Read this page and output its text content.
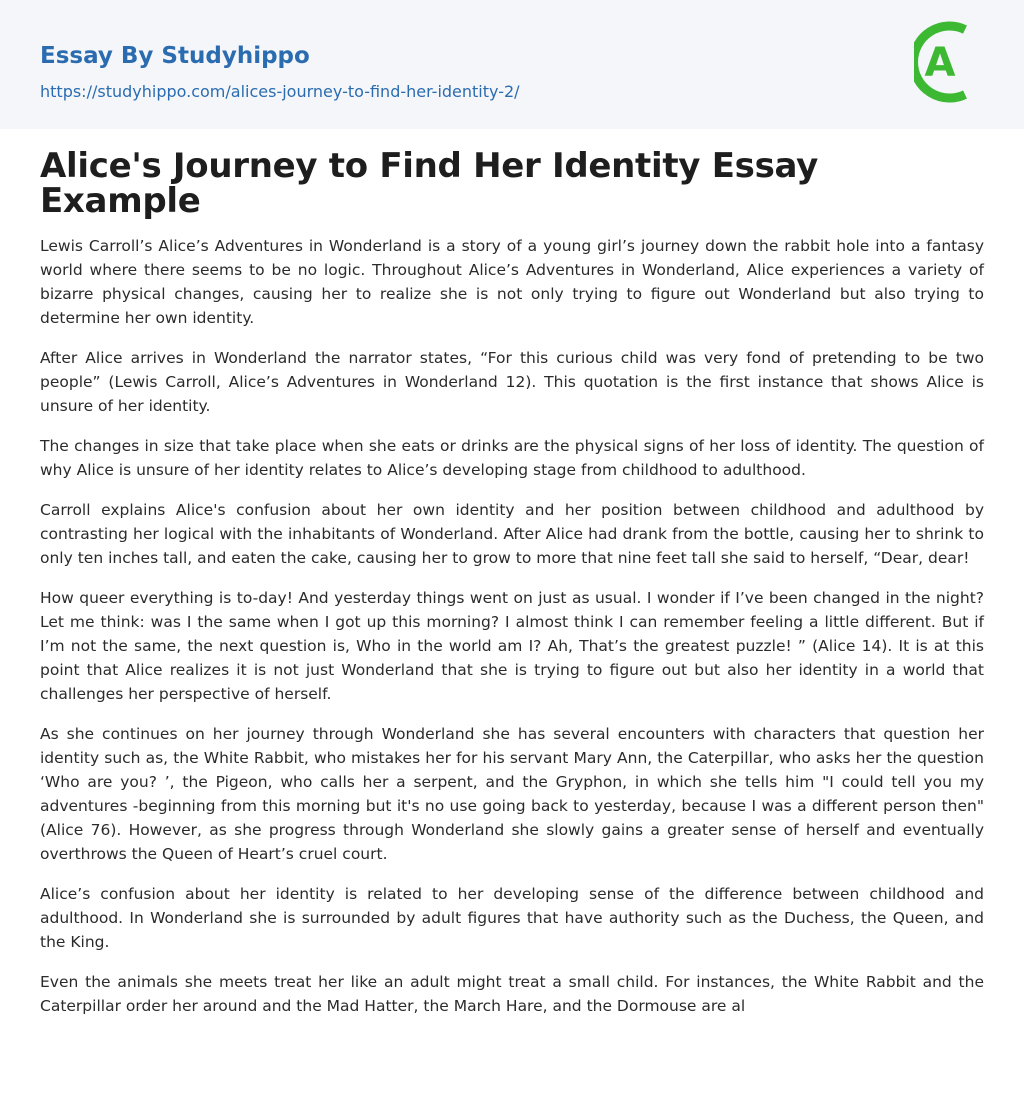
Essay By Studyhippo
https://studyhippo.com/alices-journey-to-find-her-identity-2/
A
Alice's Journey to Find Her Identity Essay Example

Lewis Carroll’s Alice’s Adventures in Wonderland is a story of a young girl’s journey down the rabbit hole into a fantasy world where there seems to be no logic. Throughout Alice’s Adventures in Wonderland, Alice experiences a variety of bizarre physical changes, causing her to realize she is not only trying to figure out Wonderland but also trying to determine her own identity.

After Alice arrives in Wonderland the narrator states, “For this curious child was very fond of pretending to be two people” (Lewis Carroll, Alice’s Adventures in Wonderland 12). This quotation is the first instance that shows Alice is unsure of her identity.

The changes in size that take place when she eats or drinks are the physical signs of her loss of identity. The question of why Alice is unsure of her identity relates to Alice’s developing stage from childhood to adulthood.

Carroll explains Alice's confusion about her own identity and her position between childhood and adulthood by contrasting her logical with the inhabitants of Wonderland. After Alice had drank from the bottle, causing her to shrink to only ten inches tall, and eaten the cake, causing her to grow to more that nine feet tall she said to herself, “Dear, dear!

How queer everything is to-day! And yesterday things went on just as usual. I wonder if I’ve been changed in the night? Let me think: was I the same when I got up this morning? I almost think I can remember feeling a little different. But if I’m not the same, the next question is, Who in the world am I? Ah, That’s the greatest puzzle! ” (Alice 14). It is at this point that Alice realizes it is not just Wonderland that she is trying to figure out but also her identity in a world that challenges her perspective of herself.

As she continues on her journey through Wonderland she has several encounters with characters that question her identity such as, the White Rabbit, who mistakes her for his servant Mary Ann, the Caterpillar, who asks her the question ‘Who are you? ’, the Pigeon, who calls her a serpent, and the Gryphon, in which she tells him "I could tell you my adventures -beginning from this morning but it's no use going back to yesterday, because I was a different person then" (Alice 76). However, as she progress through Wonderland she slowly gains a greater sense of herself and eventually overthrows the Queen of Heart’s cruel court.

Alice’s confusion about her identity is related to her developing sense of the difference between childhood and adulthood. In Wonderland she is surrounded by adult figures that have authority such as the Duchess, the Queen, and the King.

Even the animals she meets treat her like an adult might treat a small child. For instances, the White Rabbit and the Caterpillar order her around and the Mad Hatter, the March Hare, and the Dormouse are al
